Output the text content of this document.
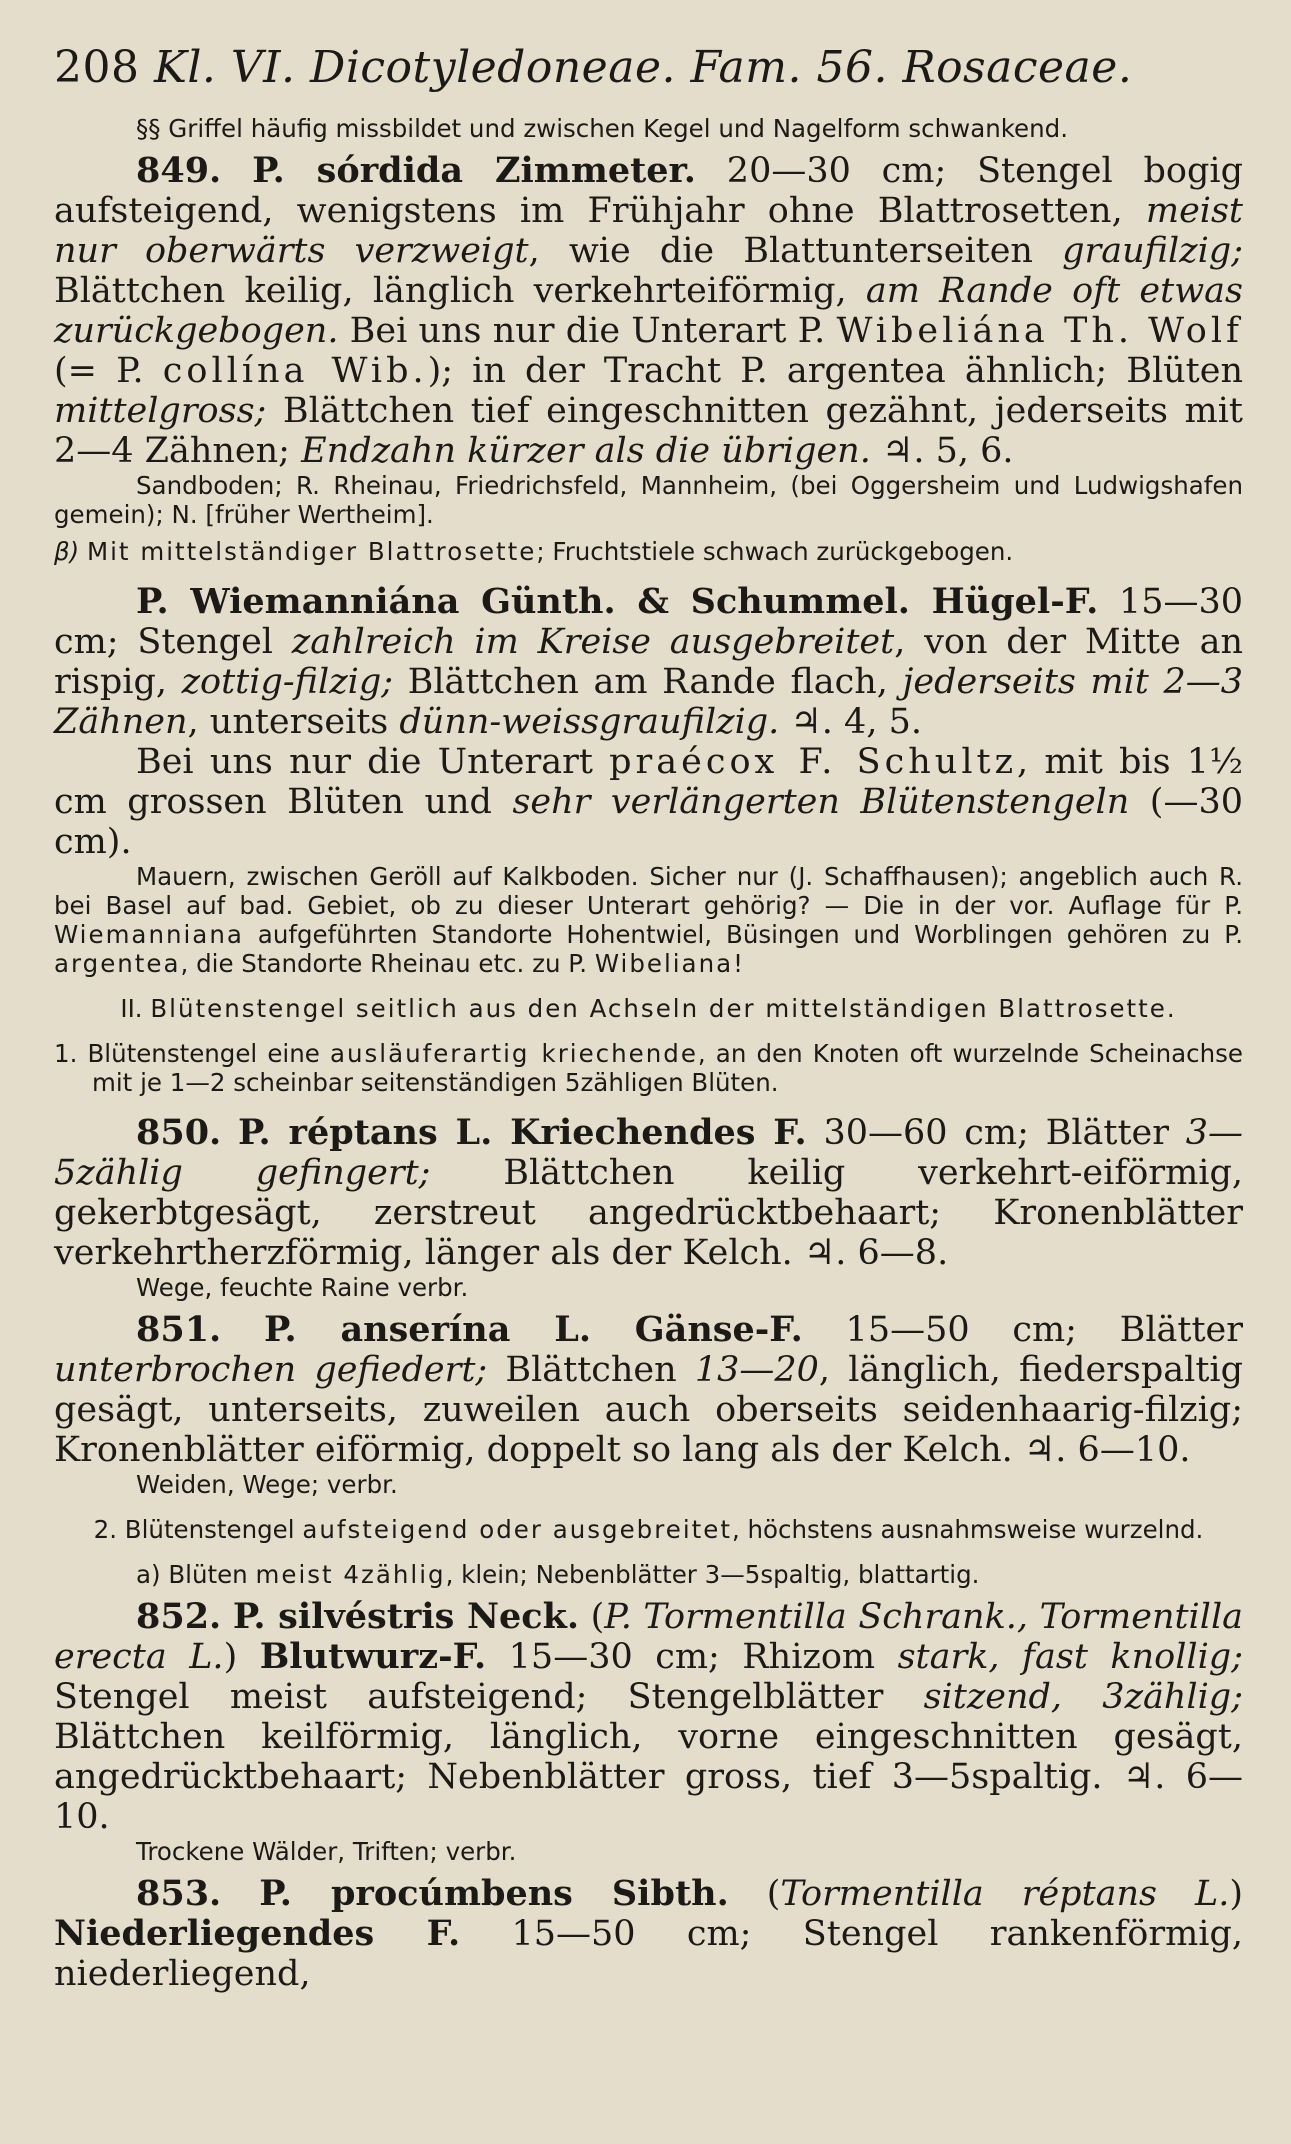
208 Kl. VI. Dicotyledoneae. Fam. 56. Rosaceae.

§§ Griffel häufig missbildet und zwischen Kegel und Nagelform schwankend.

849. P. sórdida Zimmeter. 20—30 cm; Stengel bogig aufsteigend, wenigstens im Frühjahr ohne Blattrosetten, meist nur oberwärts verzweigt, wie die Blattunterseiten graufilzig; Blättchen keilig, länglich verkehrteiförmig, am Rande oft etwas zurückgebogen. Bei uns nur die Unterart P. Wibeliána Th. Wolf (= P. collína Wib.); in der Tracht P. argentea ähnlich; Blüten mittelgross; Blättchen tief eingeschnitten gezähnt, jederseits mit 2—4 Zähnen; Endzahn kürzer als die übrigen. ♃. 5, 6.

Sandboden; R. Rheinau, Friedrichsfeld, Mannheim, (bei Oggersheim und Ludwigshafen gemein); N. [früher Wertheim].

β) Mit mittelständiger Blattrosette; Fruchtstiele schwach zurückgebogen.

P. Wiemanniána Günth. & Schummel. Hügel-F. 15—30 cm; Stengel zahlreich im Kreise ausgebreitet, von der Mitte an rispig, zottig-filzig; Blättchen am Rande flach, jederseits mit 2—3 Zähnen, unterseits dünn-weissgraufilzig. ♃. 4, 5.

Bei uns nur die Unterart praécox F. Schultz, mit bis 1½ cm grossen Blüten und sehr verlängerten Blütenstengeln (—30 cm).

Mauern, zwischen Geröll auf Kalkboden. Sicher nur (J. Schaffhausen); angeblich auch R. bei Basel auf bad. Gebiet, ob zu dieser Unterart gehörig? — Die in der vor. Auflage für P. Wiemanniana aufgeführten Standorte Hohentwiel, Büsingen und Worblingen gehören zu P. argentea, die Standorte Rheinau etc. zu P. Wibeliana!

II. Blütenstengel seitlich aus den Achseln der mittelständigen Blattrosette.

1. Blütenstengel eine ausläuferartig kriechende, an den Knoten oft wurzelnde Scheinachse mit je 1—2 scheinbar seitenständigen 5zähligen Blüten.

850. P. réptans L. Kriechendes F. 30—60 cm; Blätter 3—5zählig gefingert; Blättchen keilig verkehrt-eiförmig, gekerbtgesägt, zerstreut angedrücktbehaart; Kronenblätter verkehrtherzförmig, länger als der Kelch. ♃. 6—8.

Wege, feuchte Raine verbr.

851. P. anserína L. Gänse-F. 15—50 cm; Blätter unterbrochen gefiedert; Blättchen 13—20, länglich, fiederspaltig gesägt, unterseits, zuweilen auch oberseits seidenhaarig-filzig; Kronenblätter eiförmig, doppelt so lang als der Kelch. ♃. 6—10.

Weiden, Wege; verbr.

2. Blütenstengel aufsteigend oder ausgebreitet, höchstens ausnahmsweise wurzelnd.

a) Blüten meist 4zählig, klein; Nebenblätter 3—5spaltig, blattartig.

852. P. silvéstris Neck. (P. Tormentilla Schrank., Tormentilla erecta L.) Blutwurz-F. 15—30 cm; Rhizom stark, fast knollig; Stengel meist aufsteigend; Stengelblätter sitzend, 3zählig; Blättchen keilförmig, länglich, vorne eingeschnitten gesägt, angedrücktbehaart; Nebenblätter gross, tief 3—5spaltig. ♃. 6—10.

Trockene Wälder, Triften; verbr.

853. P. procúmbens Sibth. (Tormentilla réptans L.) Niederliegendes F. 15—50 cm; Stengel rankenförmig, niederliegend,
